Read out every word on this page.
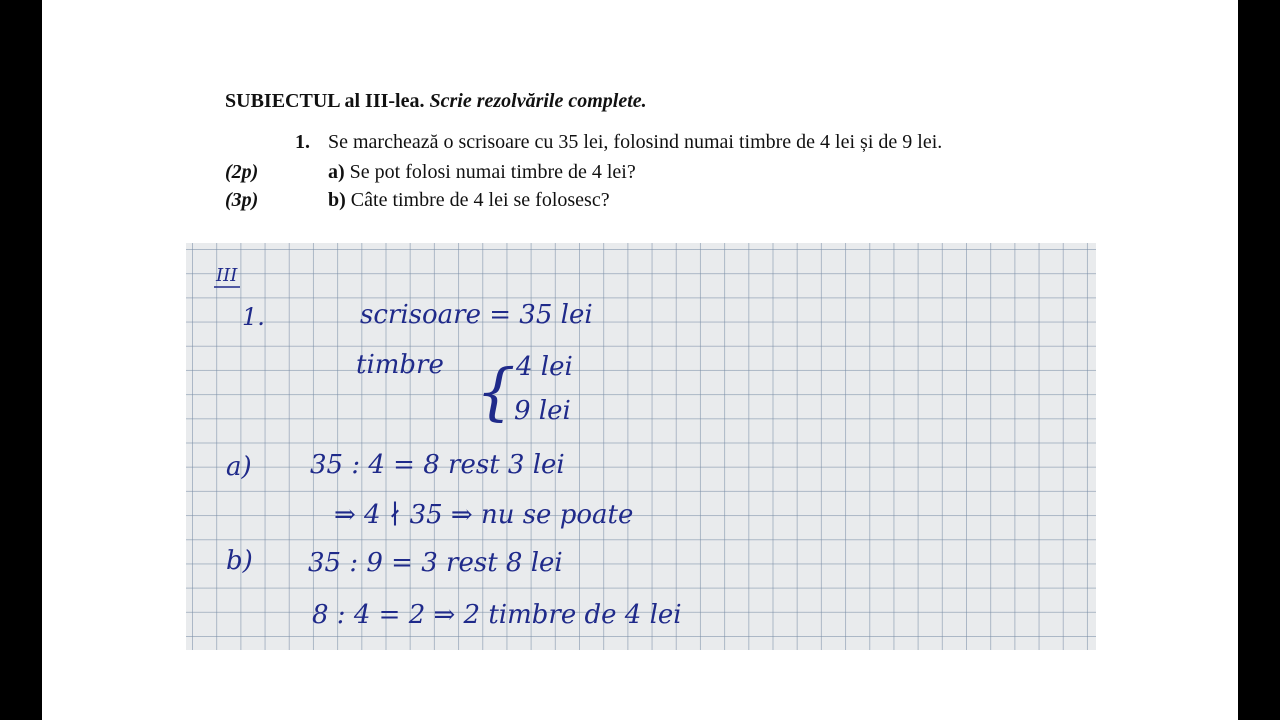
SUBIECTUL al III-lea. Scrie rezolvările complete.
1. Se marchează o scrisoare cu 35 lei, folosind numai timbre de 4 lei și de 9 lei.
(2p)	a) Se pot folosi numai timbre de 4 lei?
(3p)	b) Câte timbre de 4 lei se folosesc?
III
1.	scrisoare = 35 lei
timbre { 4 lei
9 lei
a) 35 : 4 = 8 rest 3 lei
⇒ 4 ∤ 35 ⇒ nu se poate
b) 35 : 9 = 3 rest 8 lei
8 : 4 = 2 ⇒ 2 timbre de 4 lei
